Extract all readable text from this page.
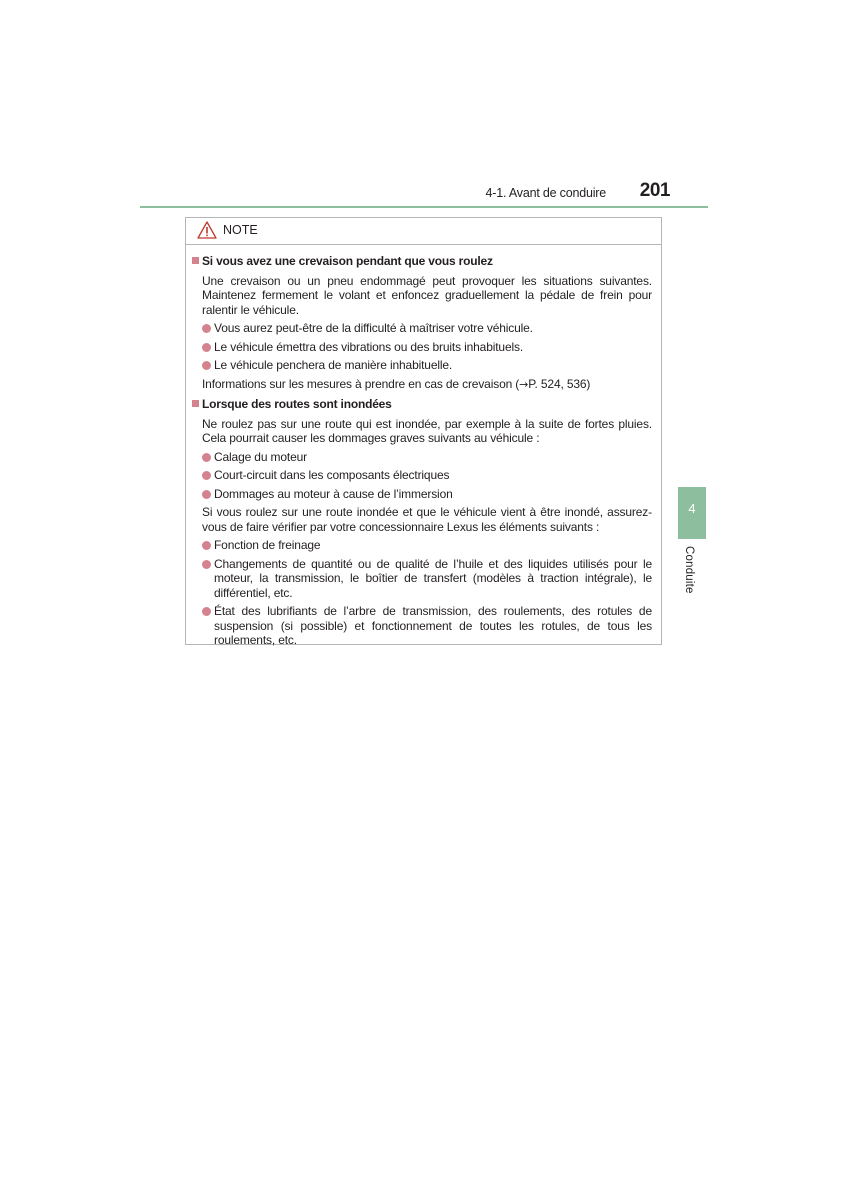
4-1. Avant de conduire 201
4
Conduite
NOTE
Si vous avez une crevaison pendant que vous roulez
Une crevaison ou un pneu endommagé peut provoquer les situations suivantes. Maintenez fermement le volant et enfoncez graduellement la pédale de frein pour ralentir le véhicule.
Vous aurez peut-être de la difficulté à maîtriser votre véhicule.
Le véhicule émettra des vibrations ou des bruits inhabituels.
Le véhicule penchera de manière inhabituelle.
Informations sur les mesures à prendre en cas de crevaison (→P. 524, 536)
Lorsque des routes sont inondées
Ne roulez pas sur une route qui est inondée, par exemple à la suite de fortes pluies. Cela pourrait causer les dommages graves suivants au véhicule :
Calage du moteur
Court-circuit dans les composants électriques
Dommages au moteur à cause de l’immersion
Si vous roulez sur une route inondée et que le véhicule vient à être inondé, assurez-vous de faire vérifier par votre concessionnaire Lexus les éléments suivants :
Fonction de freinage
Changements de quantité ou de qualité de l’huile et des liquides utilisés pour le moteur, la transmission, le boîtier de transfert (modèles à traction intégrale), le différentiel, etc.
État des lubrifiants de l’arbre de transmission, des roulements, des rotules de suspension (si possible) et fonctionnement de toutes les rotules, de tous les roulements, etc.
